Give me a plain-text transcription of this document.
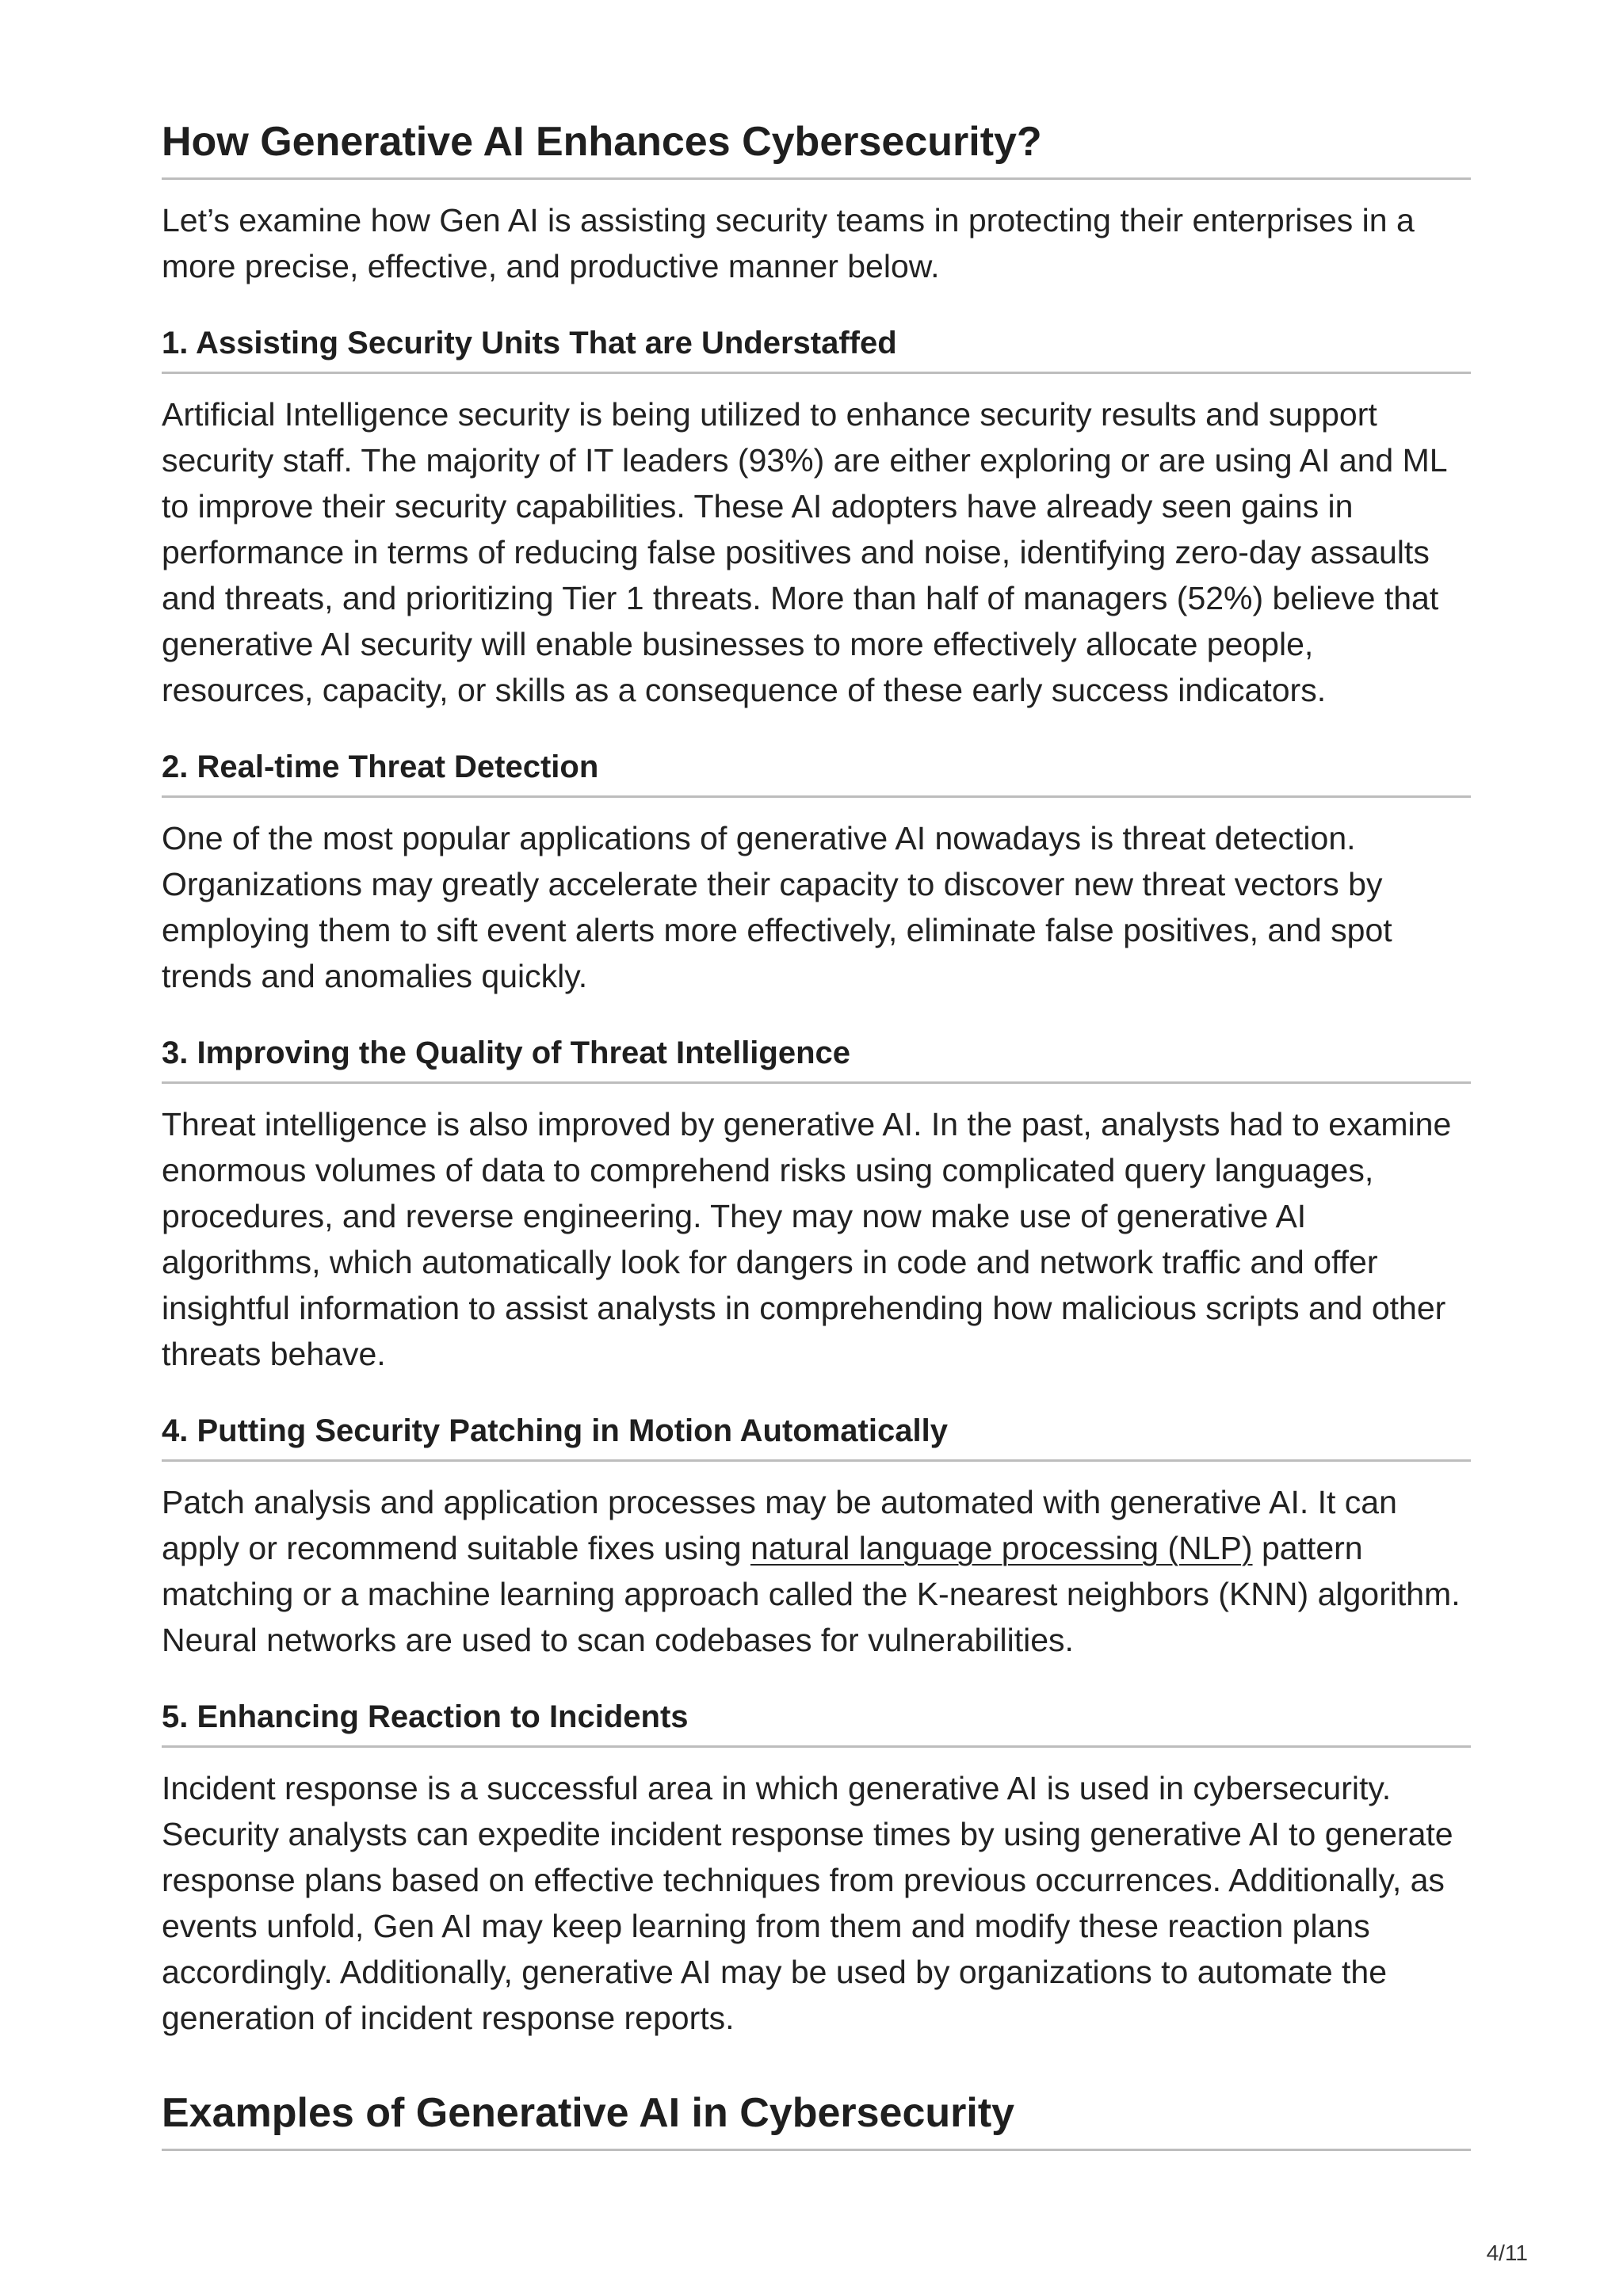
How Generative AI Enhances Cybersecurity?

Let’s examine how Gen AI is assisting security teams in protecting their enterprises in a more precise, effective, and productive manner below.

1. Assisting Security Units That are Understaffed

Artificial Intelligence security is being utilized to enhance security results and support security staff. The majority of IT leaders (93%) are either exploring or are using AI and ML to improve their security capabilities. These AI adopters have already seen gains in performance in terms of reducing false positives and noise, identifying zero-day assaults and threats, and prioritizing Tier 1 threats. More than half of managers (52%) believe that generative AI security will enable businesses to more effectively allocate people, resources, capacity, or skills as a consequence of these early success indicators.

2. Real-time Threat Detection

One of the most popular applications of generative AI nowadays is threat detection. Organizations may greatly accelerate their capacity to discover new threat vectors by employing them to sift event alerts more effectively, eliminate false positives, and spot trends and anomalies quickly.

3. Improving the Quality of Threat Intelligence

Threat intelligence is also improved by generative AI. In the past, analysts had to examine enormous volumes of data to comprehend risks using complicated query languages, procedures, and reverse engineering. They may now make use of generative AI algorithms, which automatically look for dangers in code and network traffic and offer insightful information to assist analysts in comprehending how malicious scripts and other threats behave.

4. Putting Security Patching in Motion Automatically

Patch analysis and application processes may be automated with generative AI. It can apply or recommend suitable fixes using natural language processing (NLP) pattern matching or a machine learning approach called the K-nearest neighbors (KNN) algorithm. Neural networks are used to scan codebases for vulnerabilities.

5. Enhancing Reaction to Incidents

Incident response is a successful area in which generative AI is used in cybersecurity. Security analysts can expedite incident response times by using generative AI to generate response plans based on effective techniques from previous occurrences. Additionally, as events unfold, Gen AI may keep learning from them and modify these reaction plans accordingly. Additionally, generative AI may be used by organizations to automate the generation of incident response reports.

Examples of Generative AI in Cybersecurity
4/11
